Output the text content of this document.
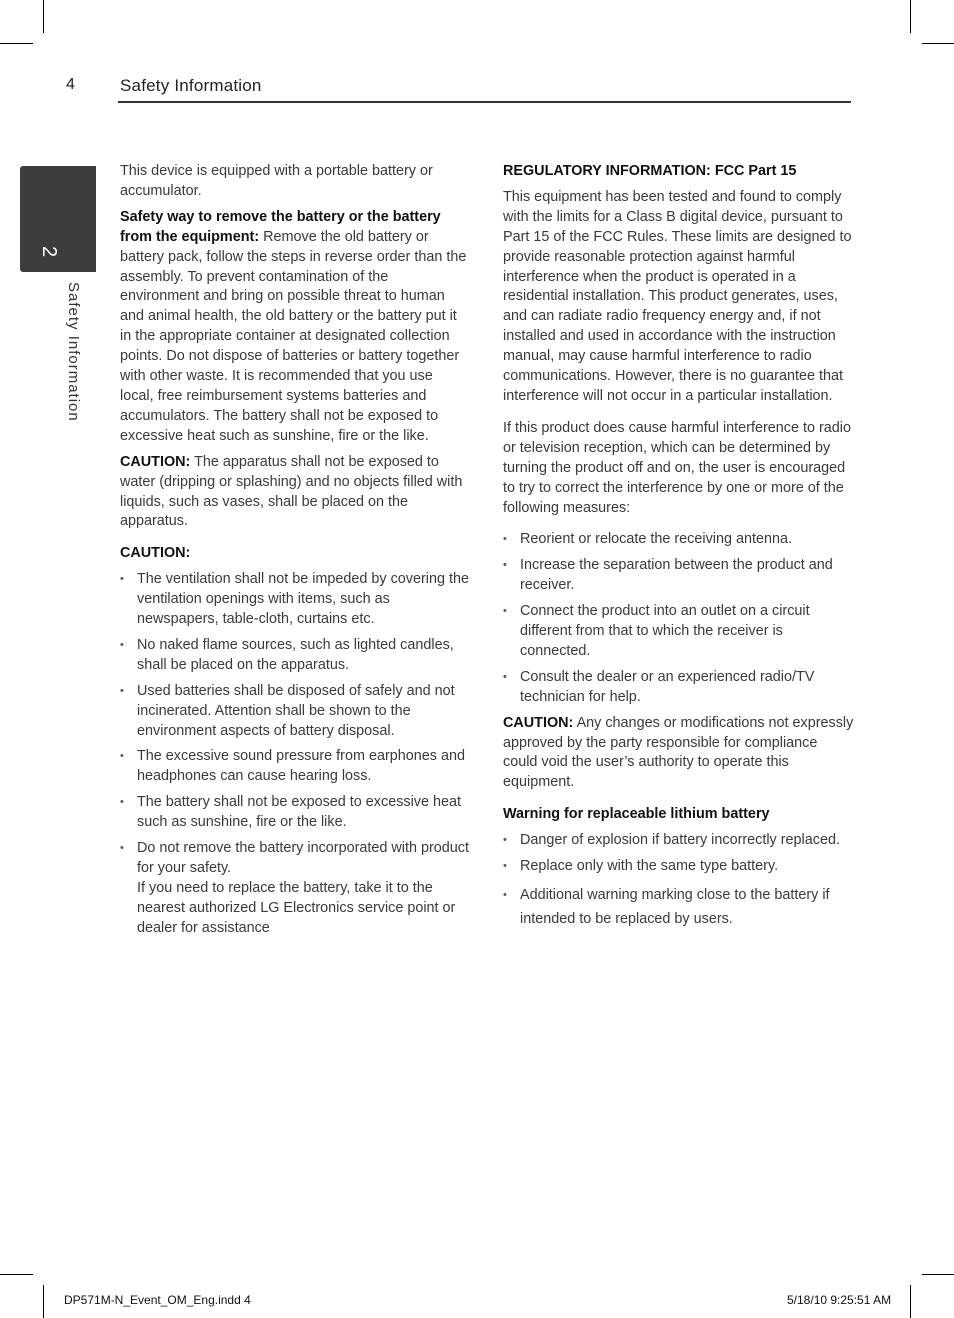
4	Safety Information
2
Safety Information

This device is equipped with a portable battery or accumulator.

Safety way to remove the battery or the battery from the equipment: Remove the old battery or battery pack, follow the steps in reverse order than the assembly. To prevent contamination of the environment and bring on possible threat to human and animal health, the old battery or the battery put it in the appropriate container at designated collection points. Do not dispose of batteries or battery together with other waste. It is recommended that you use local, free reimbursement systems batteries and accumulators. The battery shall not be exposed to excessive heat such as sunshine, fire or the like.

CAUTION: The apparatus shall not be exposed to water (dripping or splashing) and no objects filled with liquids, such as vases, shall be placed on the apparatus.

CAUTION:
• The ventilation shall not be impeded by covering the ventilation openings with items, such as newspapers, table-cloth, curtains etc.
• No naked flame sources, such as lighted candles, shall be placed on the apparatus.
• Used batteries shall be disposed of safely and not incinerated. Attention shall be shown to the environment aspects of battery disposal.
• The excessive sound pressure from earphones and headphones can cause hearing loss.
• The battery shall not be exposed to excessive heat such as sunshine, fire or the like.
• Do not remove the battery incorporated with product for your safety.
If you need to replace the battery, take it to the nearest authorized LG Electronics service point or dealer for assistance
REGULATORY INFORMATION: FCC Part 15

This equipment has been tested and found to comply with the limits for a Class B digital device, pursuant to Part 15 of the FCC Rules. These limits are designed to provide reasonable protection against harmful interference when the product is operated in a residential installation. This product generates, uses, and can radiate radio frequency energy and, if not installed and used in accordance with the instruction manual, may cause harmful interference to radio communications. However, there is no guarantee that interference will not occur in a particular installation.

If this product does cause harmful interference to radio or television reception, which can be determined by turning the product off and on, the user is encouraged to try to correct the interference by one or more of the following measures:

• Reorient or relocate the receiving antenna.
• Increase the separation between the product and receiver.
• Connect the product into an outlet on a circuit different from that to which the receiver is connected.
• Consult the dealer or an experienced radio/TV technician for help.

CAUTION: Any changes or modifications not expressly approved by the party responsible for compliance could void the user’s authority to operate this equipment.

Warning for replaceable lithium battery
• Danger of explosion if battery incorrectly replaced.
• Replace only with the same type battery.
• Additional warning marking close to the battery if intended to be replaced by users.
DP571M-N_Event_OM_Eng.indd 4	5/18/10 9:25:51 AM
